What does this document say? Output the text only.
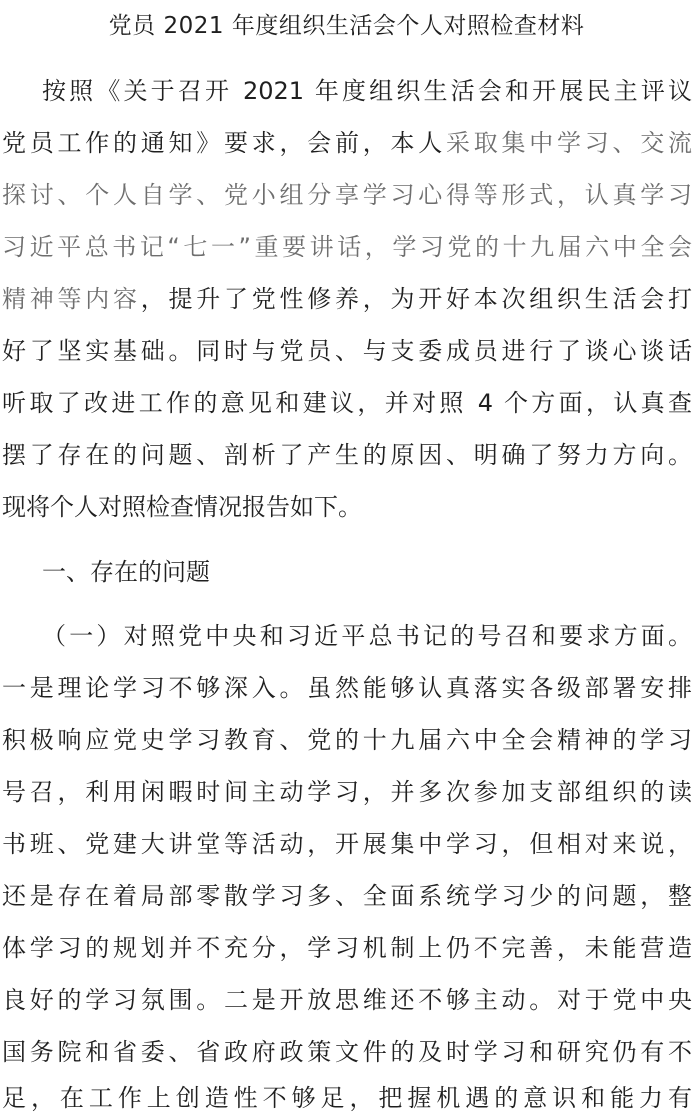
党员 2021 年度组织生活会个人对照检查材料
按照《关于召开 2021 年度组织生活会和开展民主评议
党员工作的通知》要求，会前，本人采取集中学习、交流
探讨、个人自学、党小组分享学习心得等形式，认真学习
习近平总书记“七一”重要讲话，学习党的十九届六中全会
精神等内容，提升了党性修养，为开好本次组织生活会打
好了坚实基础。同时与党员、与支委成员进行了谈心谈话
听取了改进工作的意见和建议，并对照 4 个方面，认真查
摆了存在的问题、剖析了产生的原因、明确了努力方向。
现将个人对照检查情况报告如下。
一、存在的问题
（一）对照党中央和习近平总书记的号召和要求方面。
一是理论学习不够深入。虽然能够认真落实各级部署安排
积极响应党史学习教育、党的十九届六中全会精神的学习
号召，利用闲暇时间主动学习，并多次参加支部组织的读
书班、党建大讲堂等活动，开展集中学习，但相对来说，
还是存在着局部零散学习多、全面系统学习少的问题，整
体学习的规划并不充分，学习机制上仍不完善，未能营造
良好的学习氛围。二是开放思维还不够主动。对于党中央
国务院和省委、省政府政策文件的及时学习和研究仍有不
足，在工作上创造性不够足，把握机遇的意识和能力有
